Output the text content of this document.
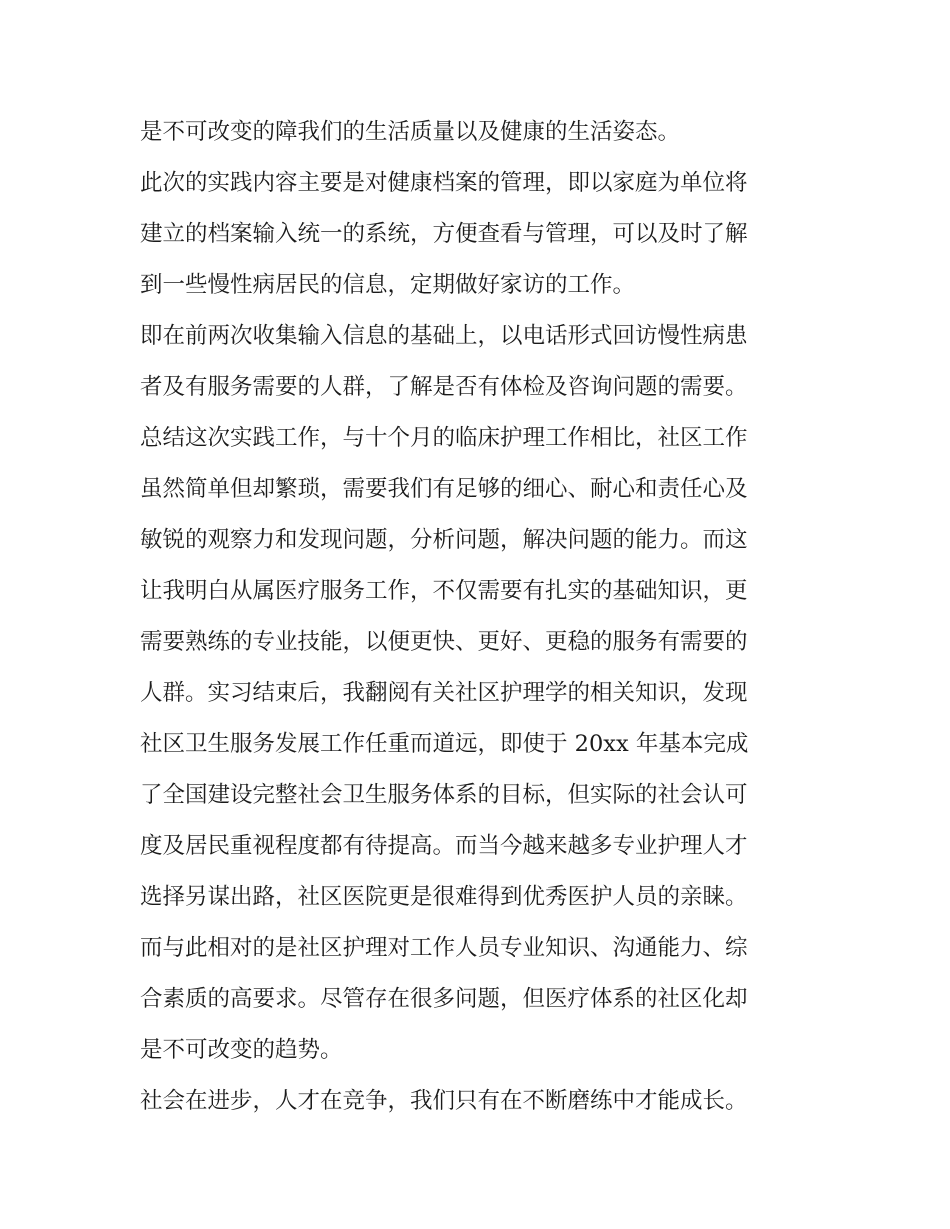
是不可改变的障我们的生活质量以及健康的生活姿态。
此次的实践内容主要是对健康档案的管理，即以家庭为单位将
建立的档案输入统一的系统，方便查看与管理，可以及时了解
到一些慢性病居民的信息，定期做好家访的工作。
即在前两次收集输入信息的基础上，以电话形式回访慢性病患
者及有服务需要的人群，了解是否有体检及咨询问题的需要。
总结这次实践工作，与十个月的临床护理工作相比，社区工作
虽然简单但却繁琐，需要我们有足够的细心、耐心和责任心及
敏锐的观察力和发现问题，分析问题，解决问题的能力。而这
让我明白从属医疗服务工作，不仅需要有扎实的基础知识，更
需要熟练的专业技能，以便更快、更好、更稳的服务有需要的
人群。实习结束后，我翻阅有关社区护理学的相关知识，发现
社区卫生服务发展工作任重而道远，即使于 20xx 年基本完成
了全国建设完整社会卫生服务体系的目标，但实际的社会认可
度及居民重视程度都有待提高。而当今越来越多专业护理人才
选择另谋出路，社区医院更是很难得到优秀医护人员的亲睐。
而与此相对的是社区护理对工作人员专业知识、沟通能力、综
合素质的高要求。尽管存在很多问题，但医疗体系的社区化却
是不可改变的趋势。
社会在进步，人才在竞争，我们只有在不断磨练中才能成长。
